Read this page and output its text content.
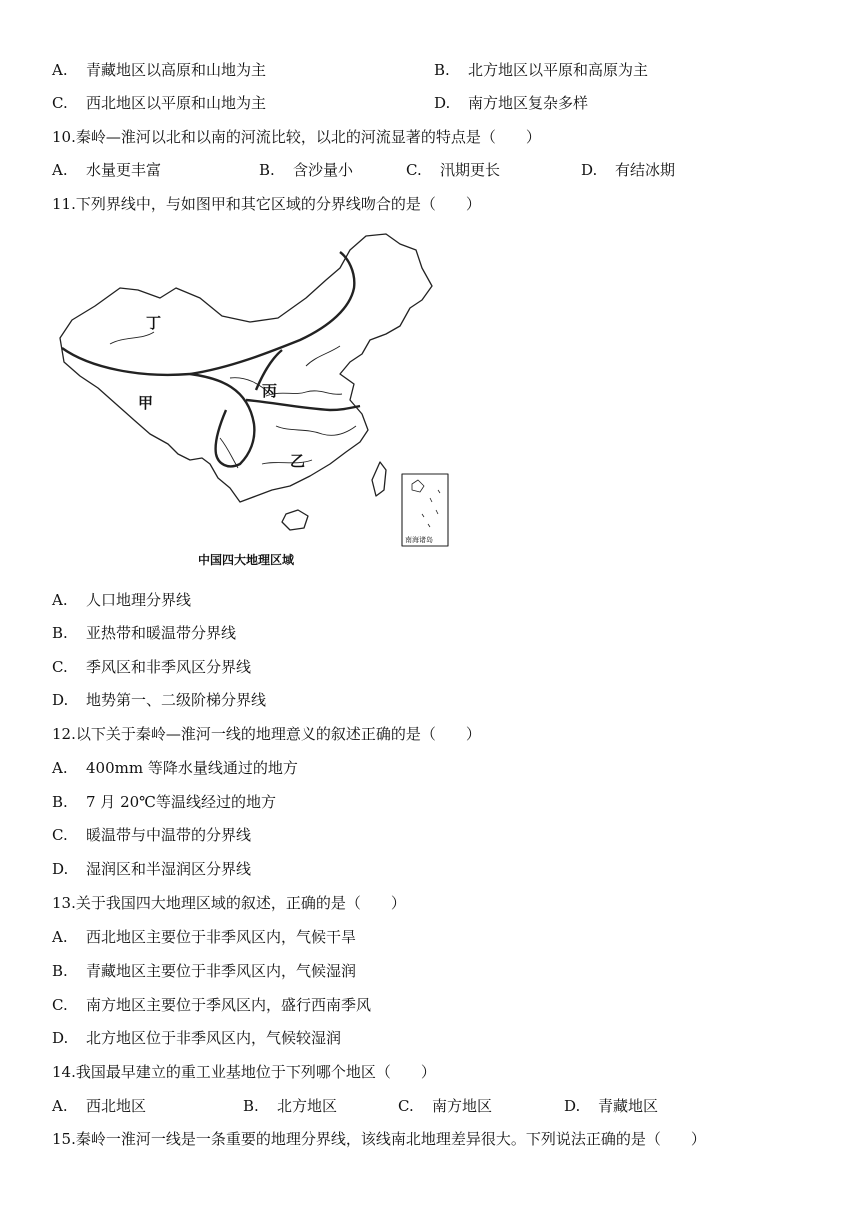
A. 青藏地区以高原和山地为主	B. 北方地区以平原和高原为主
C. 西北地区以平原和山地为主	D. 南方地区复杂多样
10.秦岭—淮河以北和以南的河流比较，以北的河流显著的特点是（　　）
A. 水量更丰富	B. 含沙量小	C. 汛期更长	D. 有结冰期
11.下列界线中，与如图甲和其它区域的分界线吻合的是（　　）
丁
甲
丙
乙
南海诸岛
中国四大地理区域
A. 人口地理分界线
B. 亚热带和暖温带分界线
C. 季风区和非季风区分界线
D. 地势第一、二级阶梯分界线
12.以下关于秦岭—淮河一线的地理意义的叙述正确的是（　　）
A. 400mm 等降水量线通过的地方
B. 7 月 20℃等温线经过的地方
C. 暖温带与中温带的分界线
D. 湿润区和半湿润区分界线
13.关于我国四大地理区域的叙述，正确的是（　　）
A. 西北地区主要位于非季风区内，气候干旱
B. 青藏地区主要位于非季风区内，气候湿润
C. 南方地区主要位于季风区内，盛行西南季风
D. 北方地区位于非季风区内，气候较湿润
14.我国最早建立的重工业基地位于下列哪个地区（　　）
A. 西北地区	B. 北方地区	C. 南方地区	D. 青藏地区
15.秦岭一淮河一线是一条重要的地理分界线，该线南北地理差异很大。下列说法正确的是（　　）
